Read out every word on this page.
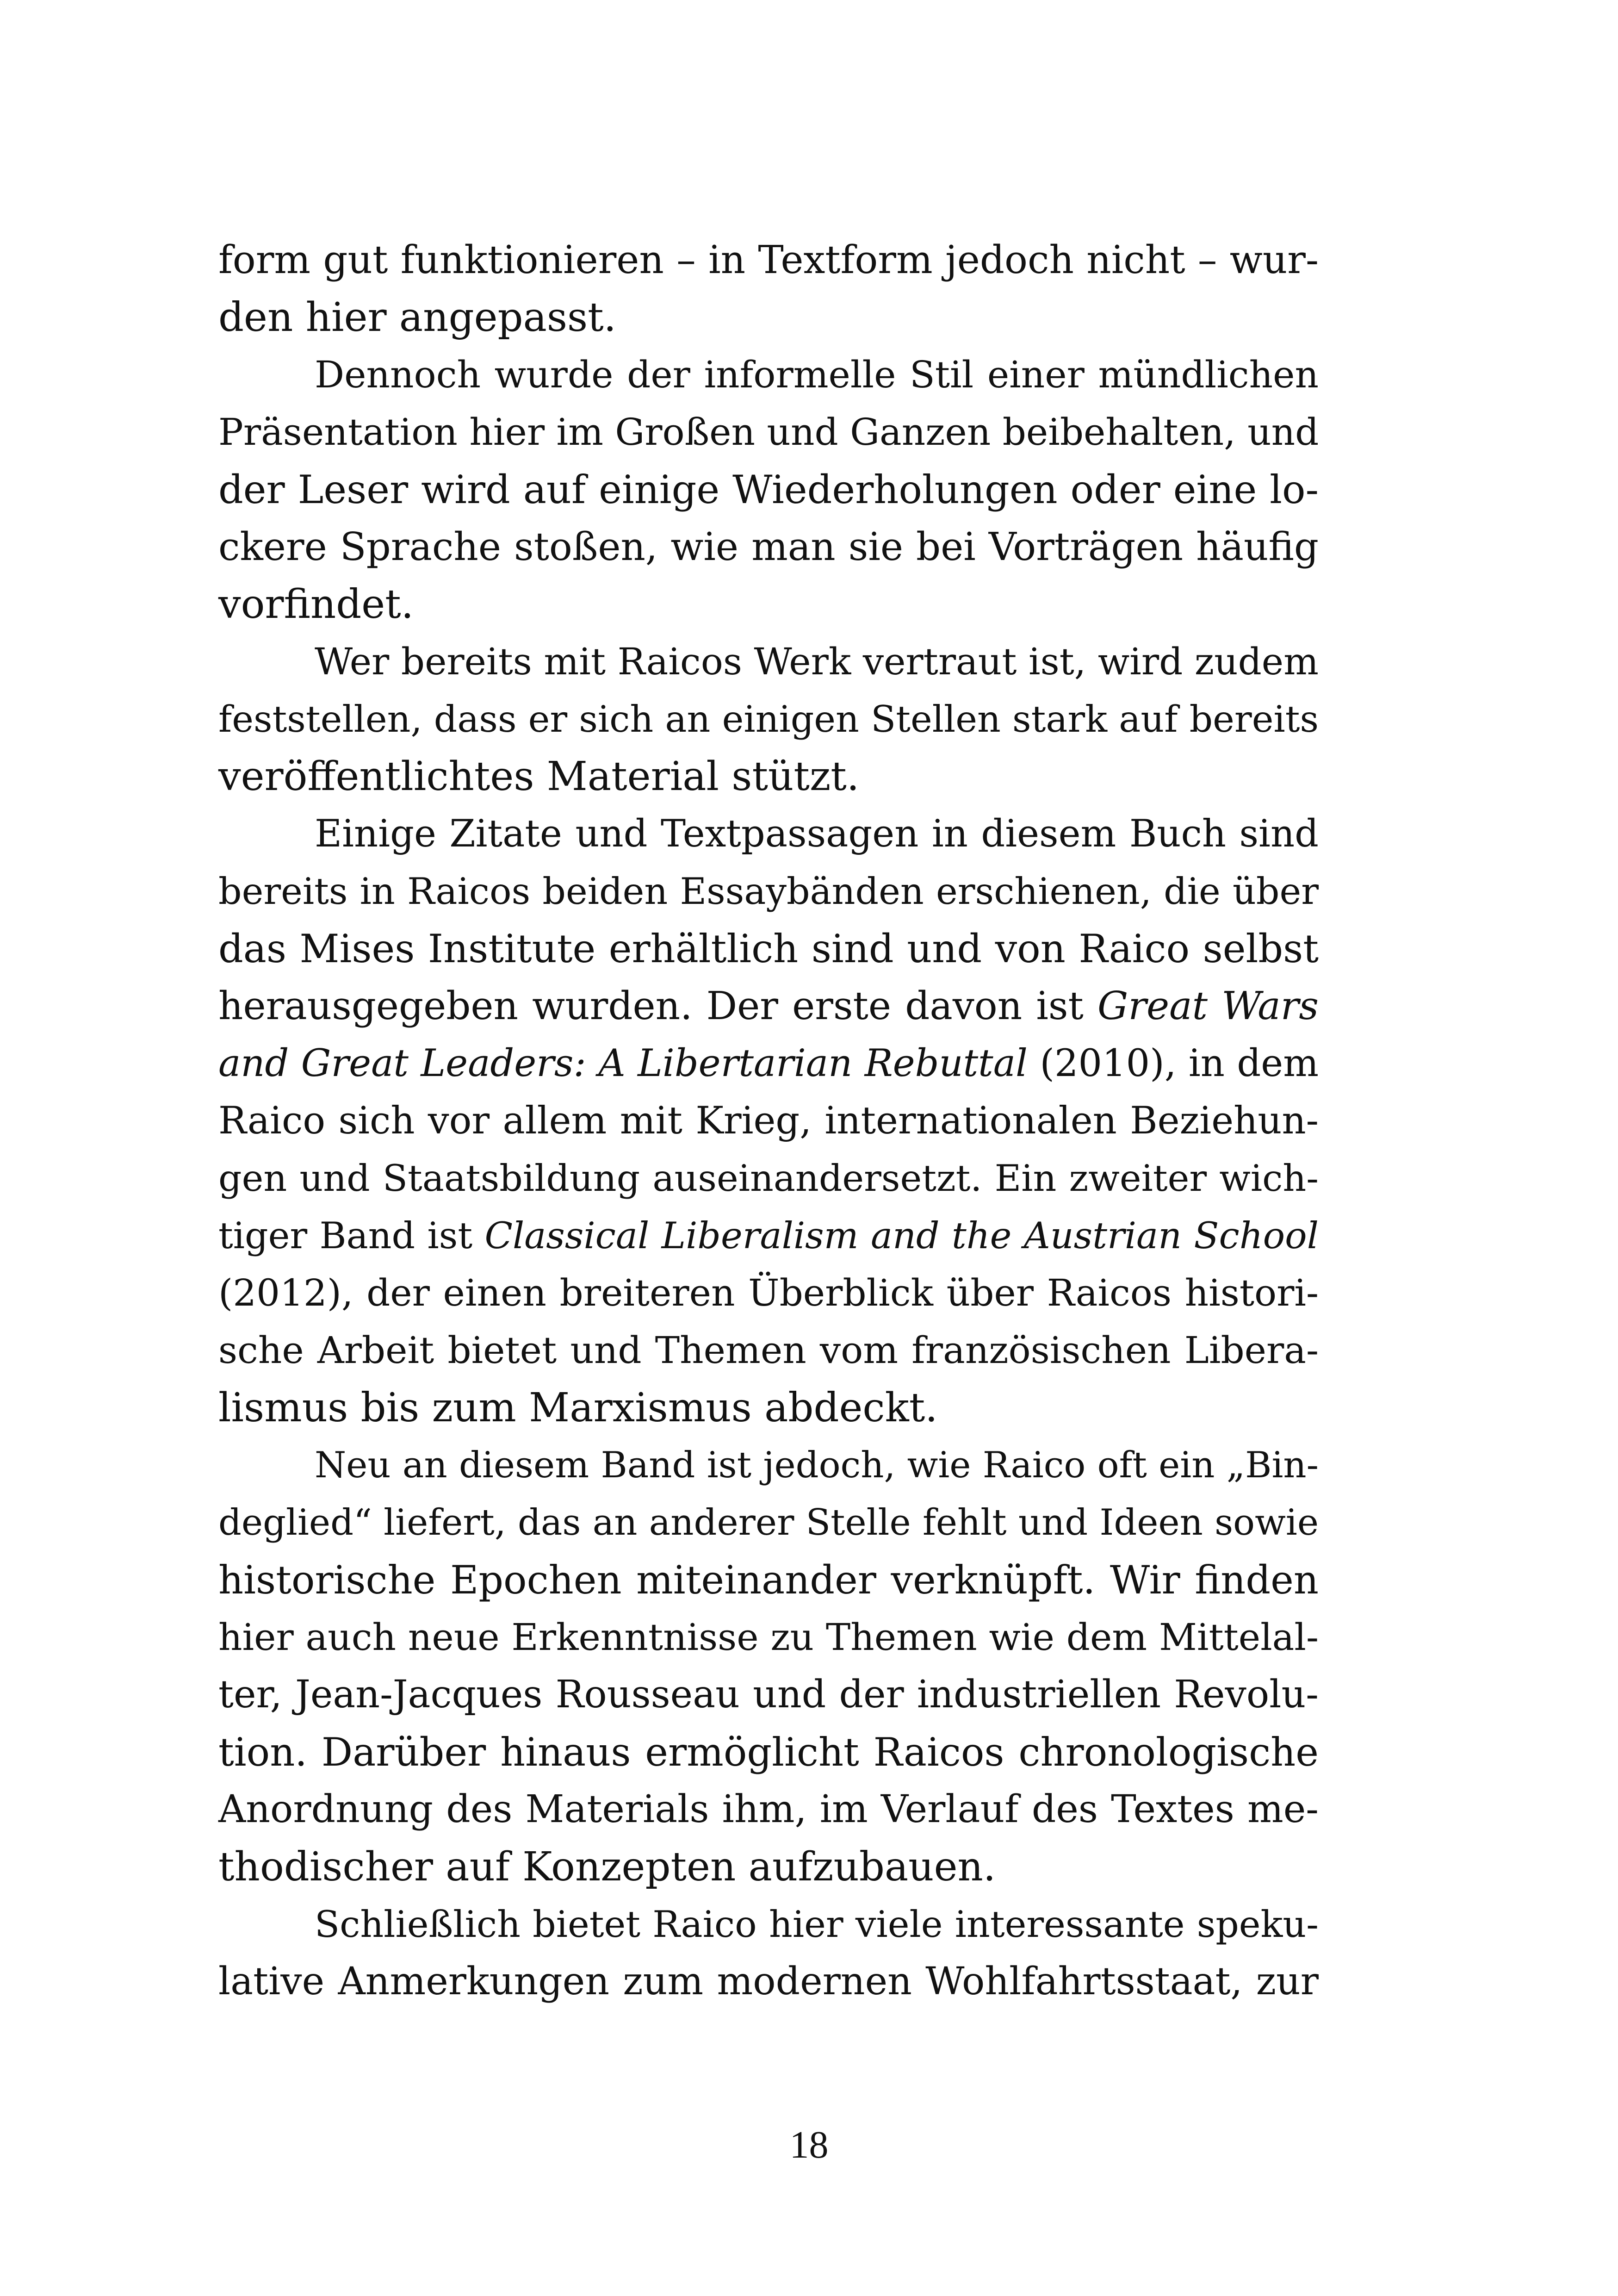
form gut funktionieren – in Textform jedoch nicht – wur-
den hier angepasst.
Dennoch wurde der informelle Stil einer mündlichen
Präsentation hier im Großen und Ganzen beibehalten, und
der Leser wird auf einige Wiederholungen oder eine lo-
ckere Sprache stoßen, wie man sie bei Vorträgen häufig
vorfindet.
Wer bereits mit Raicos Werk vertraut ist, wird zudem
feststellen, dass er sich an einigen Stellen stark auf bereits
veröffentlichtes Material stützt.
Einige Zitate und Textpassagen in diesem Buch sind
bereits in Raicos beiden Essaybänden erschienen, die über
das Mises Institute erhältlich sind und von Raico selbst
herausgegeben wurden. Der erste davon ist Great Wars
and Great Leaders: A Libertarian Rebuttal (2010), in dem
Raico sich vor allem mit Krieg, internationalen Beziehun-
gen und Staatsbildung auseinandersetzt. Ein zweiter wich-
tiger Band ist Classical Liberalism and the Austrian School
(2012), der einen breiteren Überblick über Raicos histori-
sche Arbeit bietet und Themen vom französischen Libera-
lismus bis zum Marxismus abdeckt.
Neu an diesem Band ist jedoch, wie Raico oft ein „Bin-
deglied“ liefert, das an anderer Stelle fehlt und Ideen sowie
historische Epochen miteinander verknüpft. Wir finden
hier auch neue Erkenntnisse zu Themen wie dem Mittelal-
ter, Jean-Jacques Rousseau und der industriellen Revolu-
tion. Darüber hinaus ermöglicht Raicos chronologische
Anordnung des Materials ihm, im Verlauf des Textes me-
thodischer auf Konzepten aufzubauen.
Schließlich bietet Raico hier viele interessante speku-
lative Anmerkungen zum modernen Wohlfahrtsstaat, zur
18
